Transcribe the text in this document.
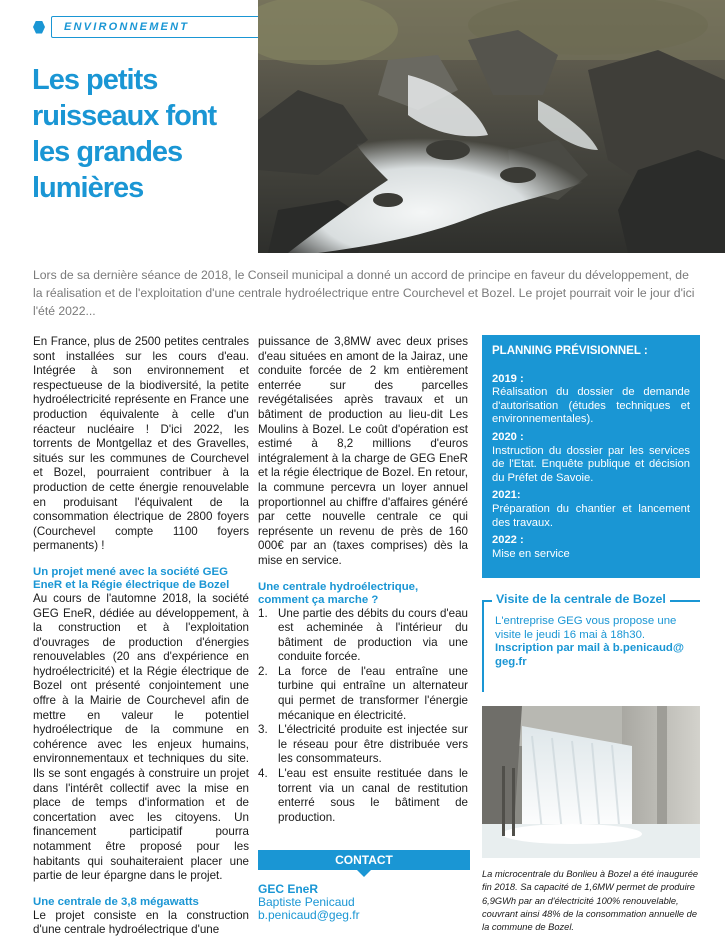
ENVIRONNEMENT
Les petits ruisseaux font les grandes lumières

Lors de sa dernière séance de 2018, le Conseil municipal a donné un accord de principe en faveur du développement, de la réalisation et de l'exploitation d'une centrale hydroélectrique entre Courchevel et Bozel. Le projet pourrait voir le jour d'ici l'été 2022...

En France, plus de 2500 petites centrales sont installées sur les cours d'eau. Intégrée à son environnement et respectueuse de la biodiversité, la petite hydroélectricité représente en France une production équivalente à celle d'un réacteur nucléaire ! D'ici 2022, les torrents de Montgellaz et des Gravelles, situés sur les communes de Courchevel et Bozel, pourraient contribuer à la production de cette énergie renouvelable en produisant l'équivalent de la consommation électrique de 2800 foyers (Courchevel compte 1100 foyers permanents) !

Un projet mené avec la société GEG EneR et la Régie électrique de Bozel

Au cours de l'automne 2018, la société GEG EneR, dédiée au développement, à la construction et à l'exploitation d'ouvrages de production d'énergies renouvelables (20 ans d'expérience en hydroélectricité) et la Régie électrique de Bozel ont présenté conjointement une offre à la Mairie de Courchevel afin de mettre en valeur le potentiel hydroélectrique de la commune en cohérence avec les enjeux humains, environnementaux et techniques du site. Ils se sont engagés à construire un projet dans l'intérêt collectif avec la mise en place de temps d'information et de concertation avec les citoyens. Un financement participatif pourra notamment être proposé pour les habitants qui souhaiteraient placer une partie de leur épargne dans le projet.

Une centrale de 3,8 mégawatts

Le projet consiste en la construction d'une centrale hydroélectrique d'une

puissance de 3,8MW avec deux prises d'eau situées en amont de la Jairaz, une conduite forcée de 2 km entièrement enterrée sur des parcelles revégétalisées après travaux et un bâtiment de production au lieu-dit Les Moulins à Bozel. Le coût d'opération est estimé à 8,2 millions d'euros intégralement à la charge de GEG EneR et la régie électrique de Bozel. En retour, la commune percevra un loyer annuel proportionnel au chiffre d'affaires généré par cette nouvelle centrale ce qui représente un revenu de près de 160 000€ par an (taxes comprises) dès la mise en service.

Une centrale hydroélectrique, comment ça marche ?
1. Une partie des débits du cours d'eau est acheminée à l'intérieur du bâtiment de production via une conduite forcée.
2. La force de l'eau entraîne une turbine qui entraîne un alternateur qui permet de transformer l'énergie mécanique en électricité.
3. L'électricité produite est injectée sur le réseau pour être distribuée vers les consommateurs.
4. L'eau est ensuite restituée dans le torrent via un canal de restitution enterré sous le bâtiment de production.
CONTACT
GEC EneR
Baptiste Penicaud
b.penicaud@geg.fr
PLANNING PRÉVISIONNEL :
2019 :
Réalisation du dossier de demande d'autorisation (études techniques et environnementales).
2020 :
Instruction du dossier par les services de l'Etat. Enquête publique et décision du Préfet de Savoie.
2021:
Préparation du chantier et lancement des travaux.
2022 :
Mise en service
Visite de la centrale de Bozel
L'entreprise GEG vous propose une visite le jeudi 16 mai à 18h30. Inscription par mail à b.penicaud@ geg.fr

La microcentrale du Bonlieu à Bozel a été inaugurée fin 2018. Sa capacité de 1,6MW permet de produire 6,9GWh par an d'électricité 100% renouvelable, couvrant ainsi 48% de la consommation annuelle de la commune de Bozel.
